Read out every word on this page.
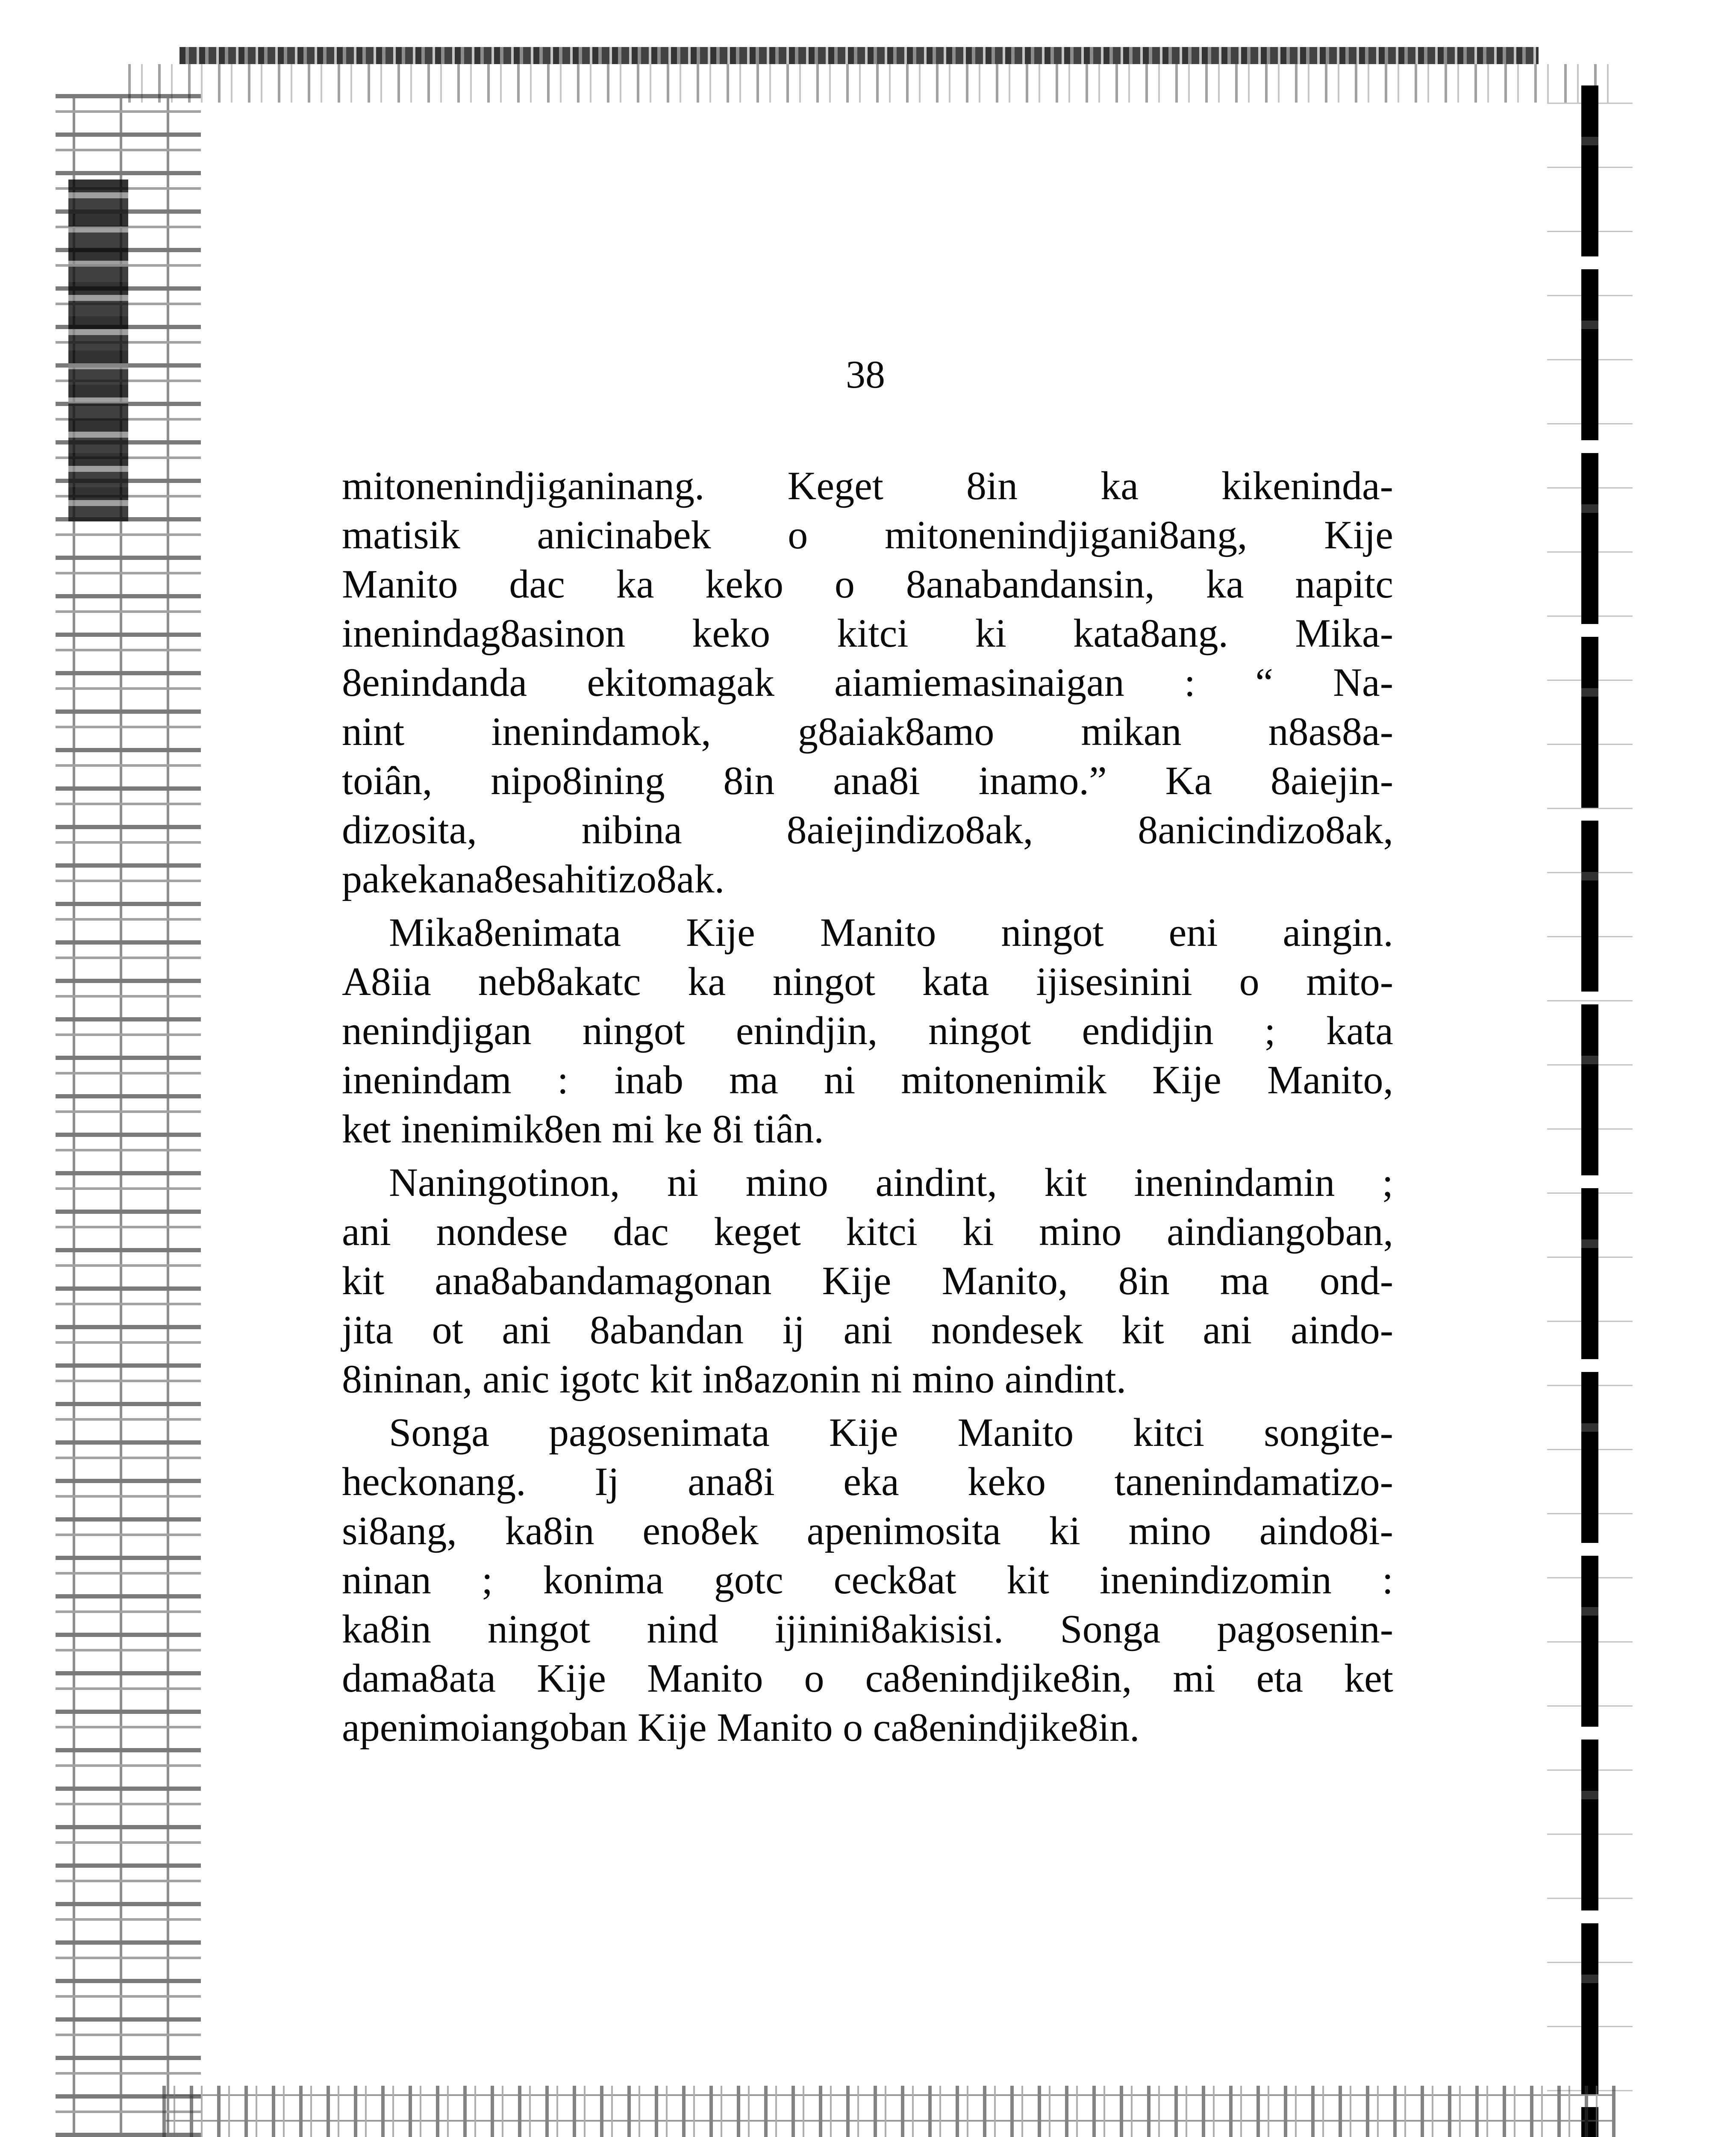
38
mitonenindjiganinang. Keget 8in ka kikeninda-
matisik anicinabek o mitonenindjigani8ang, Kije
Manito dac ka keko o 8anabandansin, ka napitc
inenindag8asinon keko kitci ki kata8ang. Mika-
8enindanda ekitomagak aiamiemasinaigan : “ Na-
nint inenindamok, g8aiak8amo mikan n8as8a-
toiân, nipo8ining 8in ana8i inamo.” Ka 8aiejin-
dizosita, nibina 8aiejindizo8ak, 8anicindizo8ak,
pakekana8esahitizo8ak.
Mika8enimata Kije Manito ningot eni aingin.
A8iia neb8akatc ka ningot kata ijisesinini o mito-
nenindjigan ningot enindjin, ningot endidjin ; kata
inenindam : inab ma ni mitonenimik Kije Manito,
ket inenimik8en mi ke 8i tiân.
Naningotinon, ni mino aindint, kit inenindamin ;
ani nondese dac keget kitci ki mino aindiangoban,
kit ana8abandamagonan Kije Manito, 8in ma ond-
jita ot ani 8abandan ij ani nondesek kit ani aindo-
8ininan, anic igotc kit in8azonin ni mino aindint.
Songa pagosenimata Kije Manito kitci songite-
heckonang. Ij ana8i eka keko tanenindamatizo-
si8ang, ka8in eno8ek apenimosita ki mino aindo8i-
ninan ; konima gotc ceck8at kit inenindizomin :
ka8in ningot nind ijinini8akisisi. Songa pagosenin-
dama8ata Kije Manito o ca8enindjike8in, mi eta ket
apenimoiangoban Kije Manito o ca8enindjike8in.
